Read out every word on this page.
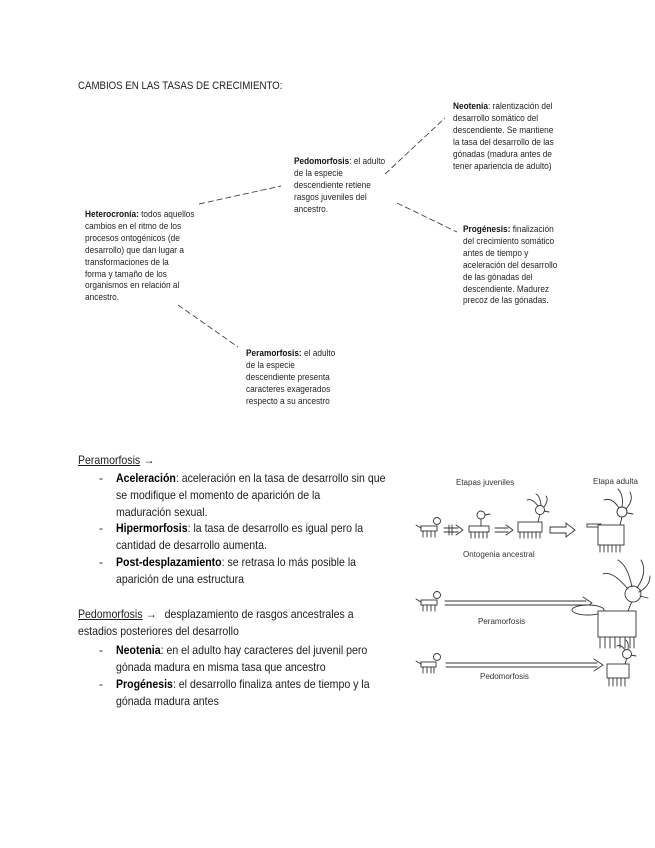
CAMBIOS EN LAS TASAS DE CRECIMIENTO:
Heterocronía: todos aquellos
cambios en el ritmo de los
procesos ontogénicos (de
desarrollo) que dan lugar a
transformaciones de la
forma y tamaño de los
organismos en relación al
ancestro.
Pedomorfosis: el adulto
de la especie
descendiente retiene
rasgos juveniles del
ancestro.
Neotenia: ralentización del
desarrollo somático del
descendiente. Se mantiene
la tasa del desarrollo de las
gónadas (madura antes de
tener apariencia de adulto)
Progénesis: finalización
del crecimiento somático
antes de tiempo y
aceleración del desarrollo
de las gónadas del
descendiente. Madurez
precoz de las gónadas.
Peramorfosis: el adulto
de la especie
descendiente presenta
caracteres exagerados
respecto a su ancestro
Peramorfosis →
- Aceleración: aceleración en la tasa de desarrollo sin que
se modifique el momento de aparición de la
maduración sexual.
- Hipermorfosis: la tasa de desarrollo es igual pero la
cantidad de desarrollo aumenta.
- Post-desplazamiento: se retrasa lo más posible la
aparición de una estructura
Pedomorfosis → desplazamiento de rasgos ancestrales a
estadios posteriores del desarrollo
- Neotenia: en el adulto hay caracteres del juvenil pero
gónada madura en misma tasa que ancestro
- Progénesis: el desarrollo finaliza antes de tiempo y la
gónada madura antes
Etapas juveniles	Etapa adulta
Ontogenia ancestral
Peramorfosis
Pedomorfosis
